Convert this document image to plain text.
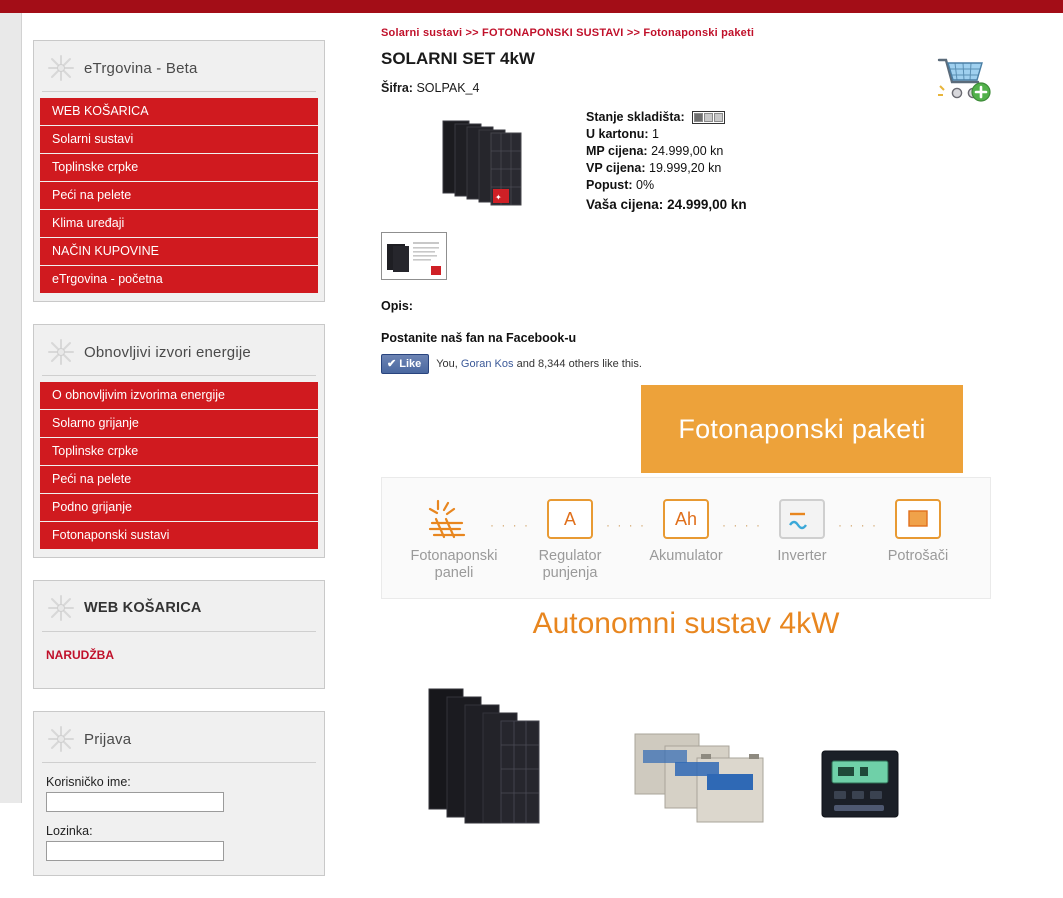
eTrgovina - Beta
WEB KOŠARICA
Solarni sustavi
Toplinske crpke
Peći na pelete
Klima uređaji
NAČIN KUPOVINE
eTrgovina - početna
Obnovljivi izvori energije
O obnovljivim izvorima energije
Solarno grijanje
Toplinske crpke
Peći na pelete
Podno grijanje
Fotonaponski sustavi
WEB KOŠARICA
NARUDŽBA
Prijava
Korisničko ime:
Lozinka:
Solarni sustavi >> FOTONAPONSKI SUSTAVI >> Fotonaponski paketi
SOLARNI SET 4kW
Šifra: SOLPAK_4
✦
Stanje skladišta:
U kartonu: 1
MP cijena: 24.999,00 kn
VP cijena: 19.999,20 kn
Popust: 0%
Vaša cijena: 24.999,00 kn
Opis:
Postanite naš fan na Facebook-u
✔ Like You, Goran Kos and 8,344 others like this.
Fotonaponski paketi
Fotonaponski paneli
· · · · A
Regulator punjenja
· · · · Ah
Akumulator
· · · ·
Inverter
· · · ·
Potrošači
Autonomni sustav 4kW
